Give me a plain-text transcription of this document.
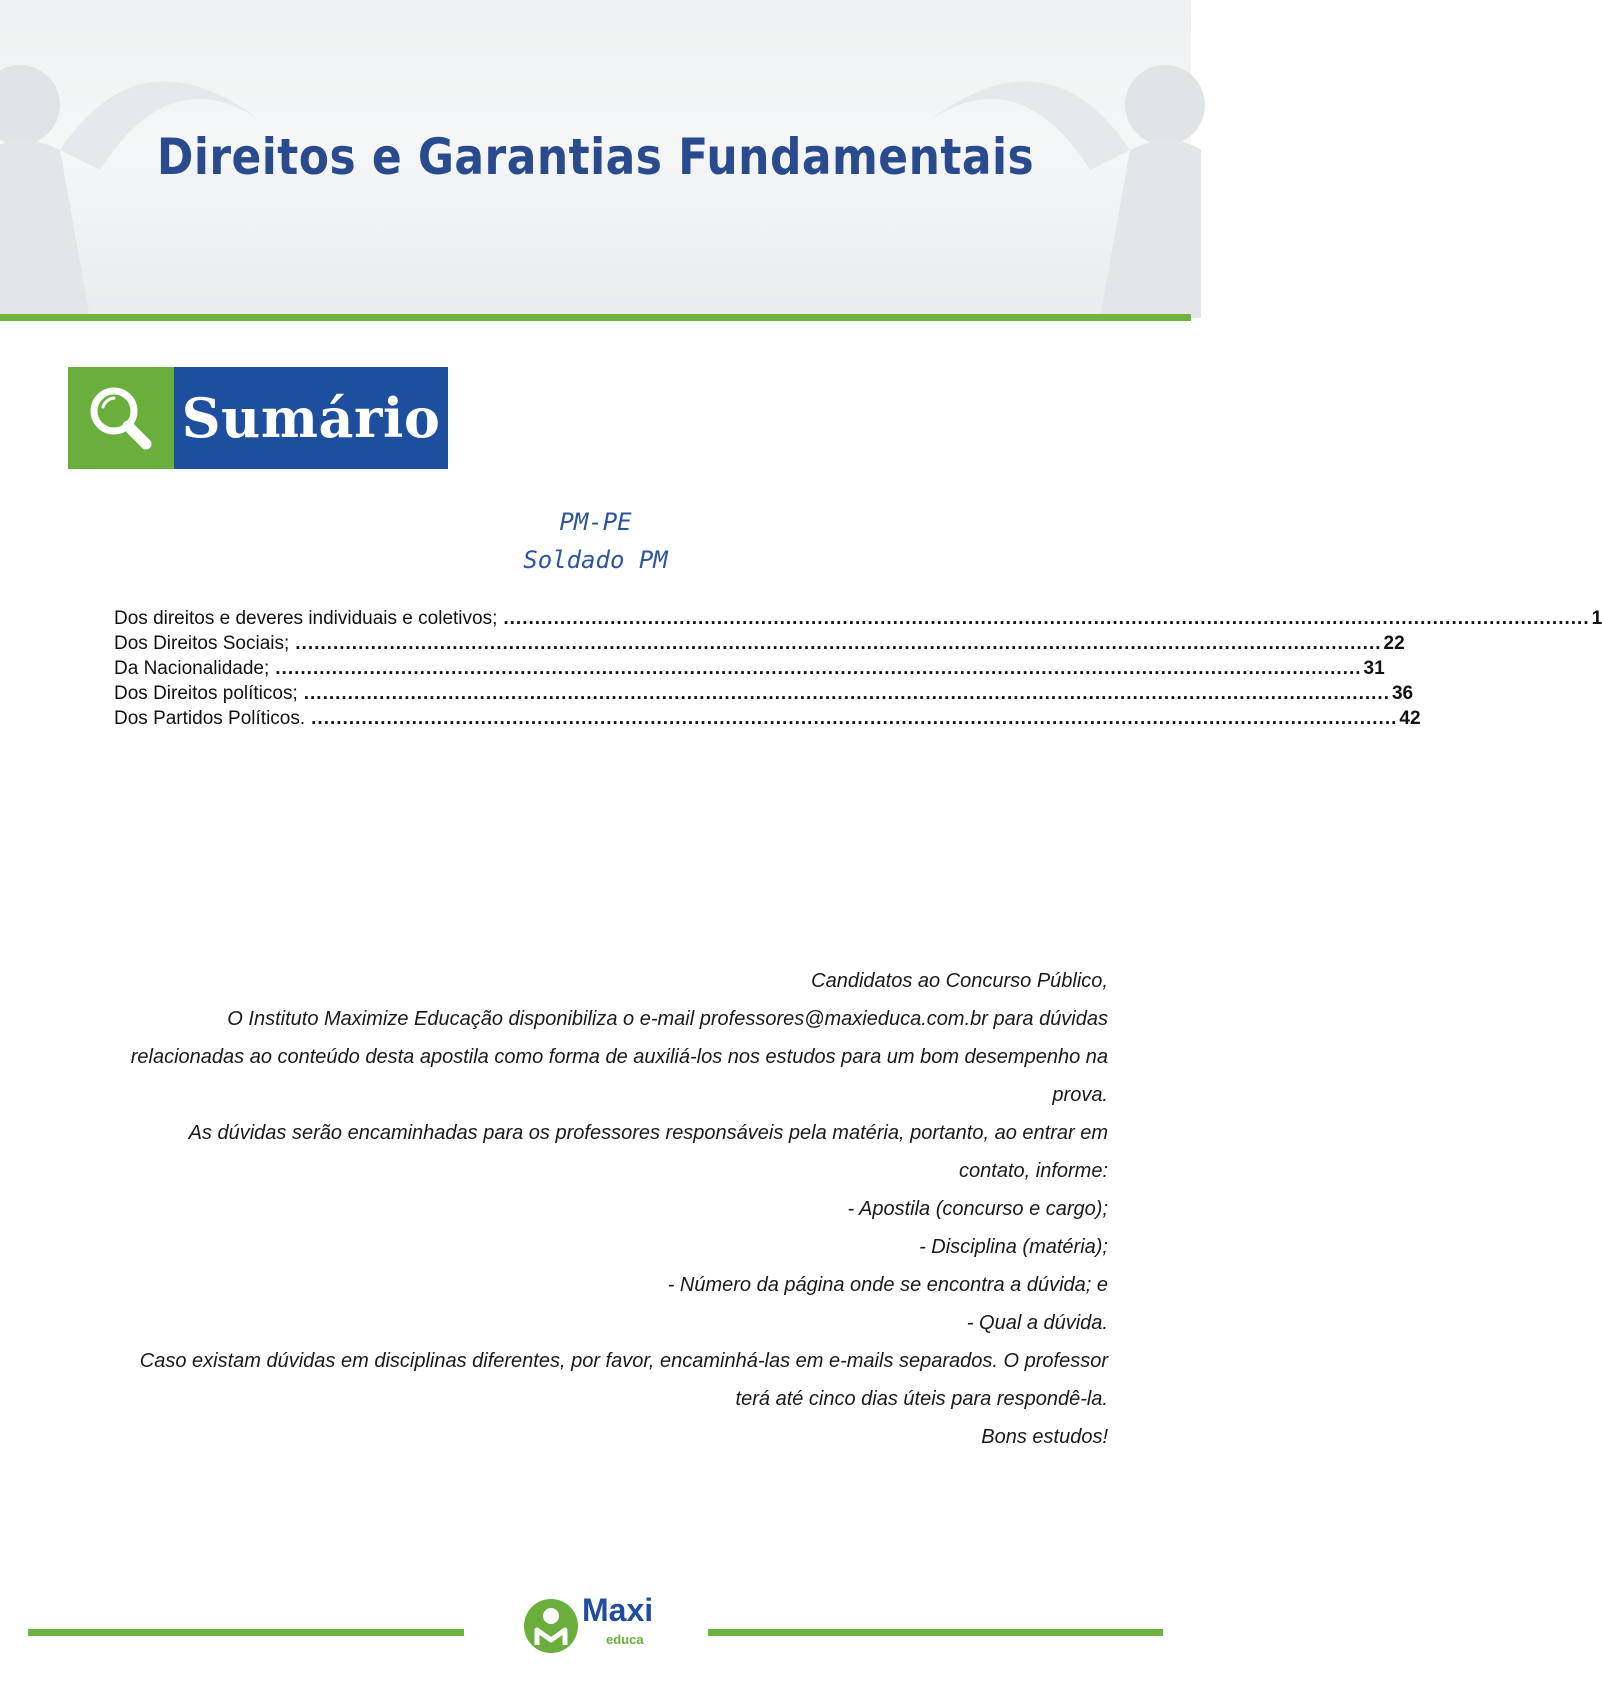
Direitos e Garantias Fundamentais
Sumário
PM-PE
Soldado PM
Dos direitos e deveres individuais e coletivos; ............................................................................................................................................................................. 1
Dos Direitos Sociais; ............................................................................................................................................................................. 22
Da Nacionalidade; ............................................................................................................................................................................. 31
Dos Direitos políticos; ............................................................................................................................................................................. 36
Dos Partidos Políticos. ............................................................................................................................................................................. 42

Candidatos ao Concurso Público,

O Instituto Maximize Educação disponibiliza o e-mail professores@maxieduca.com.br para dúvidas relacionadas ao conteúdo desta apostila como forma de auxiliá-los nos estudos para um bom desempenho na prova.

As dúvidas serão encaminhadas para os professores responsáveis pela matéria, portanto, ao entrar em contato, informe:

- Apostila (concurso e cargo);

- Disciplina (matéria);

- Número da página onde se encontra a dúvida; e

- Qual a dúvida.

Caso existam dúvidas em disciplinas diferentes, por favor, encaminhá-las em e-mails separados. O professor terá até cinco dias úteis para respondê-la.

Bons estudos!

Maxi
educa
